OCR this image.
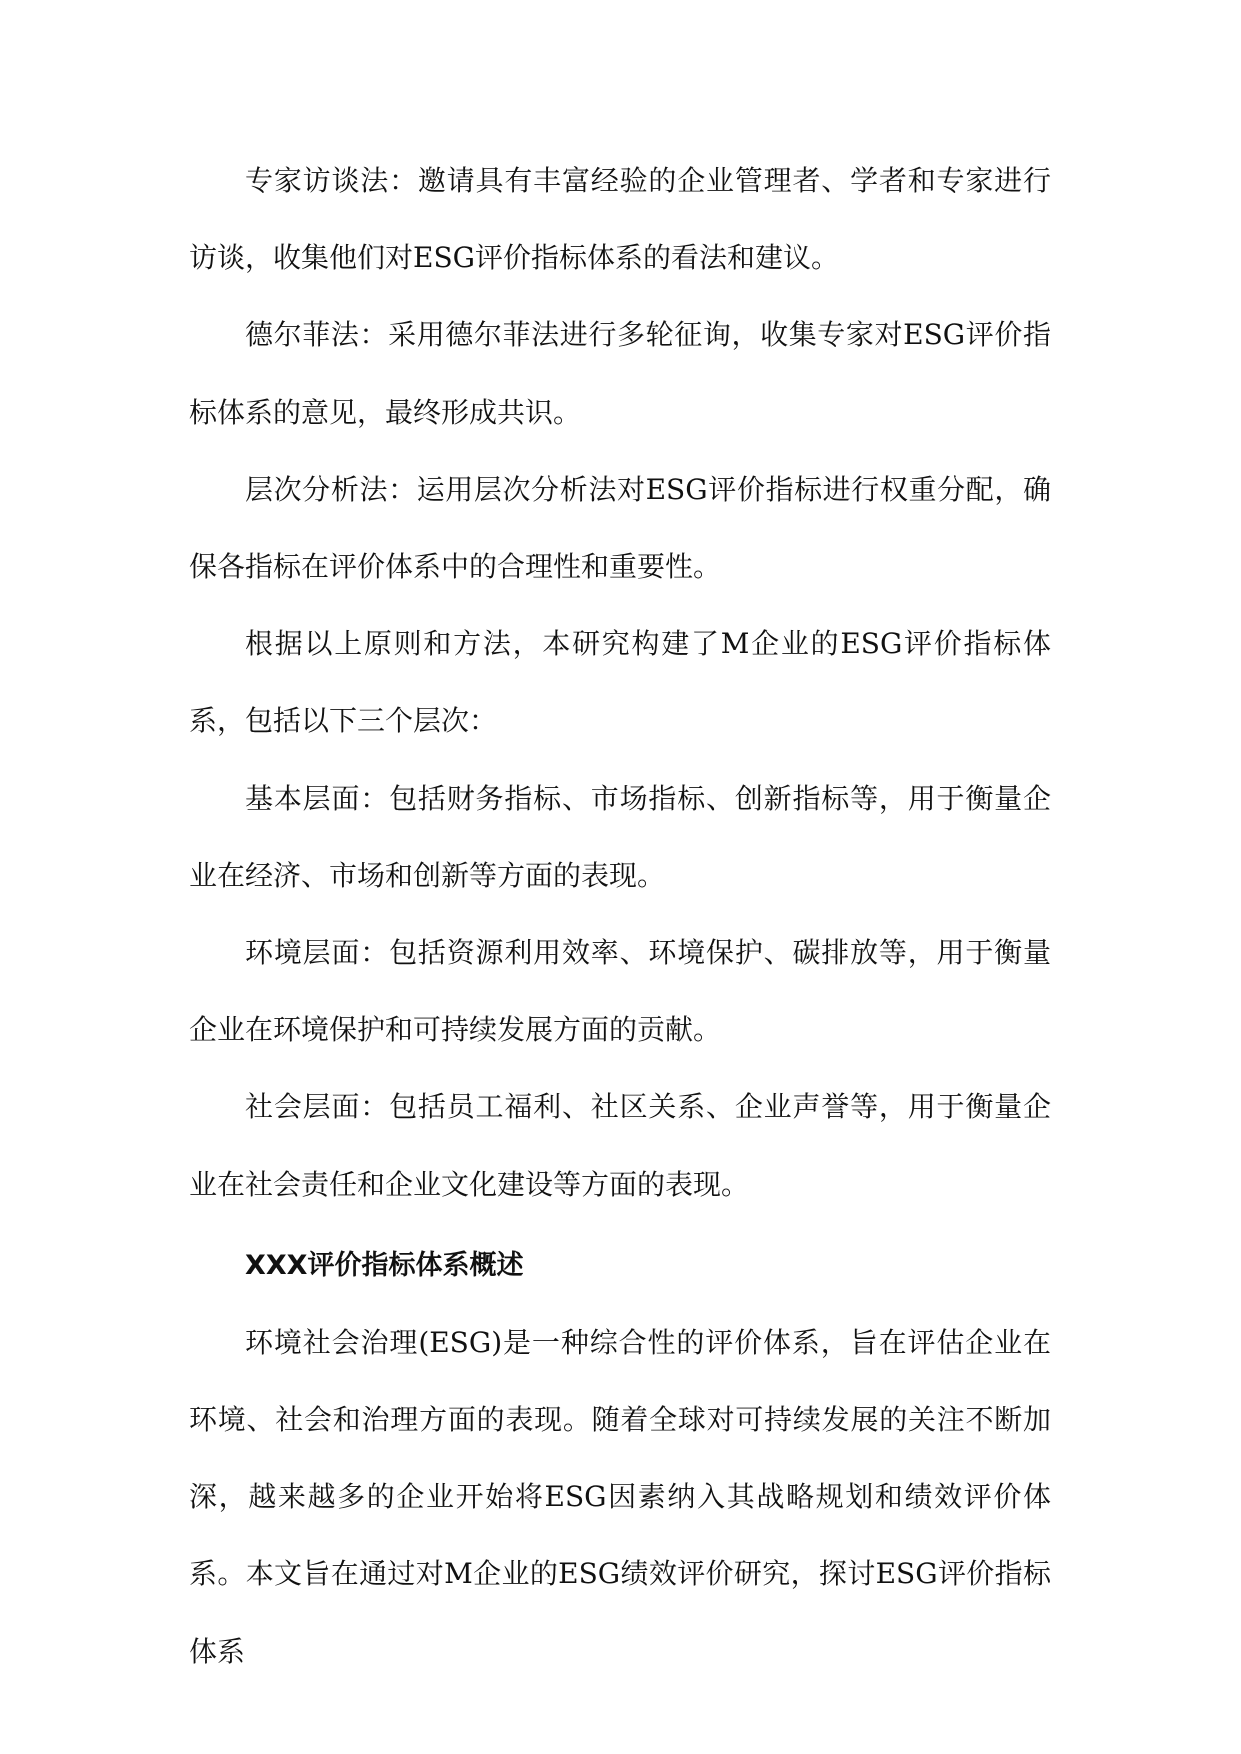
专家访谈法：邀请具有丰富经验的企业管理者、学者和专家进行访谈，收集他们对ESG评价指标体系的看法和建议。

德尔菲法：采用德尔菲法进行多轮征询，收集专家对ESG评价指标体系的意见，最终形成共识。

层次分析法：运用层次分析法对ESG评价指标进行权重分配，确保各指标在评价体系中的合理性和重要性。

根据以上原则和方法，本研究构建了M企业的ESG评价指标体系，包括以下三个层次：

基本层面：包括财务指标、市场指标、创新指标等，用于衡量企业在经济、市场和创新等方面的表现。

环境层面：包括资源利用效率、环境保护、碳排放等，用于衡量企业在环境保护和可持续发展方面的贡献。

社会层面：包括员工福利、社区关系、企业声誉等，用于衡量企业在社会责任和企业文化建设等方面的表现。

XXX评价指标体系概述

环境社会治理(ESG)是一种综合性的评价体系，旨在评估企业在环境、社会和治理方面的表现。随着全球对可持续发展的关注不断加深，越来越多的企业开始将ESG因素纳入其战略规划和绩效评价体系。本文旨在通过对M企业的ESG绩效评价研究，探讨ESG评价指标体系
